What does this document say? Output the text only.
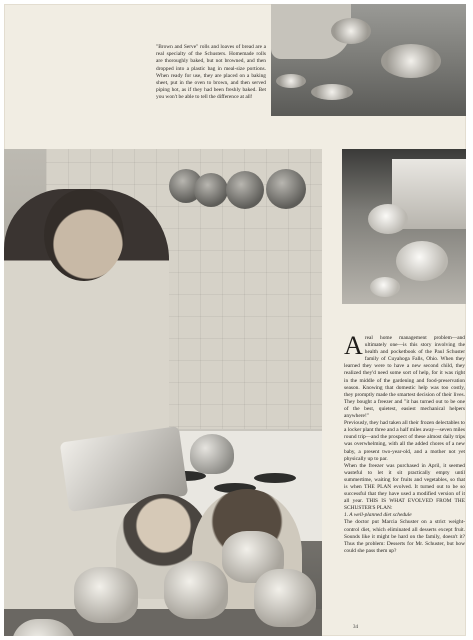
"Brown and Serve" rolls and loaves of bread are a real specialty of the Schusters. Homemade rolls are thoroughly baked, but not browned, and then dropped into a plastic bag in meal-size portions. When ready for use, they are placed on a baking sheet, put in the oven to brown, and then served piping hot, as if they had been freshly baked. Bet you won't be able to tell the difference at all!

Areal home management problem—and ultimately one—is this story involving the health and pocketbook of the Paul Schuster family of Cuyahoga Falls, Ohio. When they learned they were to have a new second child, they realized they'd need some sort of help, for it was right in the middle of the gardening and food-preservation season. Knowing that domestic help was too costly, they promptly made the smartest decision of their lives. They bought a freezer and "it has turned out to be one of the best, quietest, easiest mechanical helpers anywhere!"

Previously, they had taken all their frozen delectables to a locker plant three and a half miles away—seven miles round trip—and the prospect of these almost daily trips was overwhelming, with all the added chores of a new baby, a present two-year-old, and a mother not yet physically up to par.

When the freezer was purchased in April, it seemed wasteful to let it sit practically empty until summertime, waiting for fruits and vegetables, so that is when THE PLAN evolved. It turned out to be so successful that they have used a modified version of it all year. THIS IS WHAT EVOLVED FROM THE SCHUSTER'S PLAN:

1. A well-planned diet schedule

The doctor put Marcia Schuster on a strict weight-control diet, which eliminated all desserts except fruit. Sounds like it might be hard on the family, doesn't it? Thus the problem: Desserts for Mr. Schuster, but how could she pass them up?

34
